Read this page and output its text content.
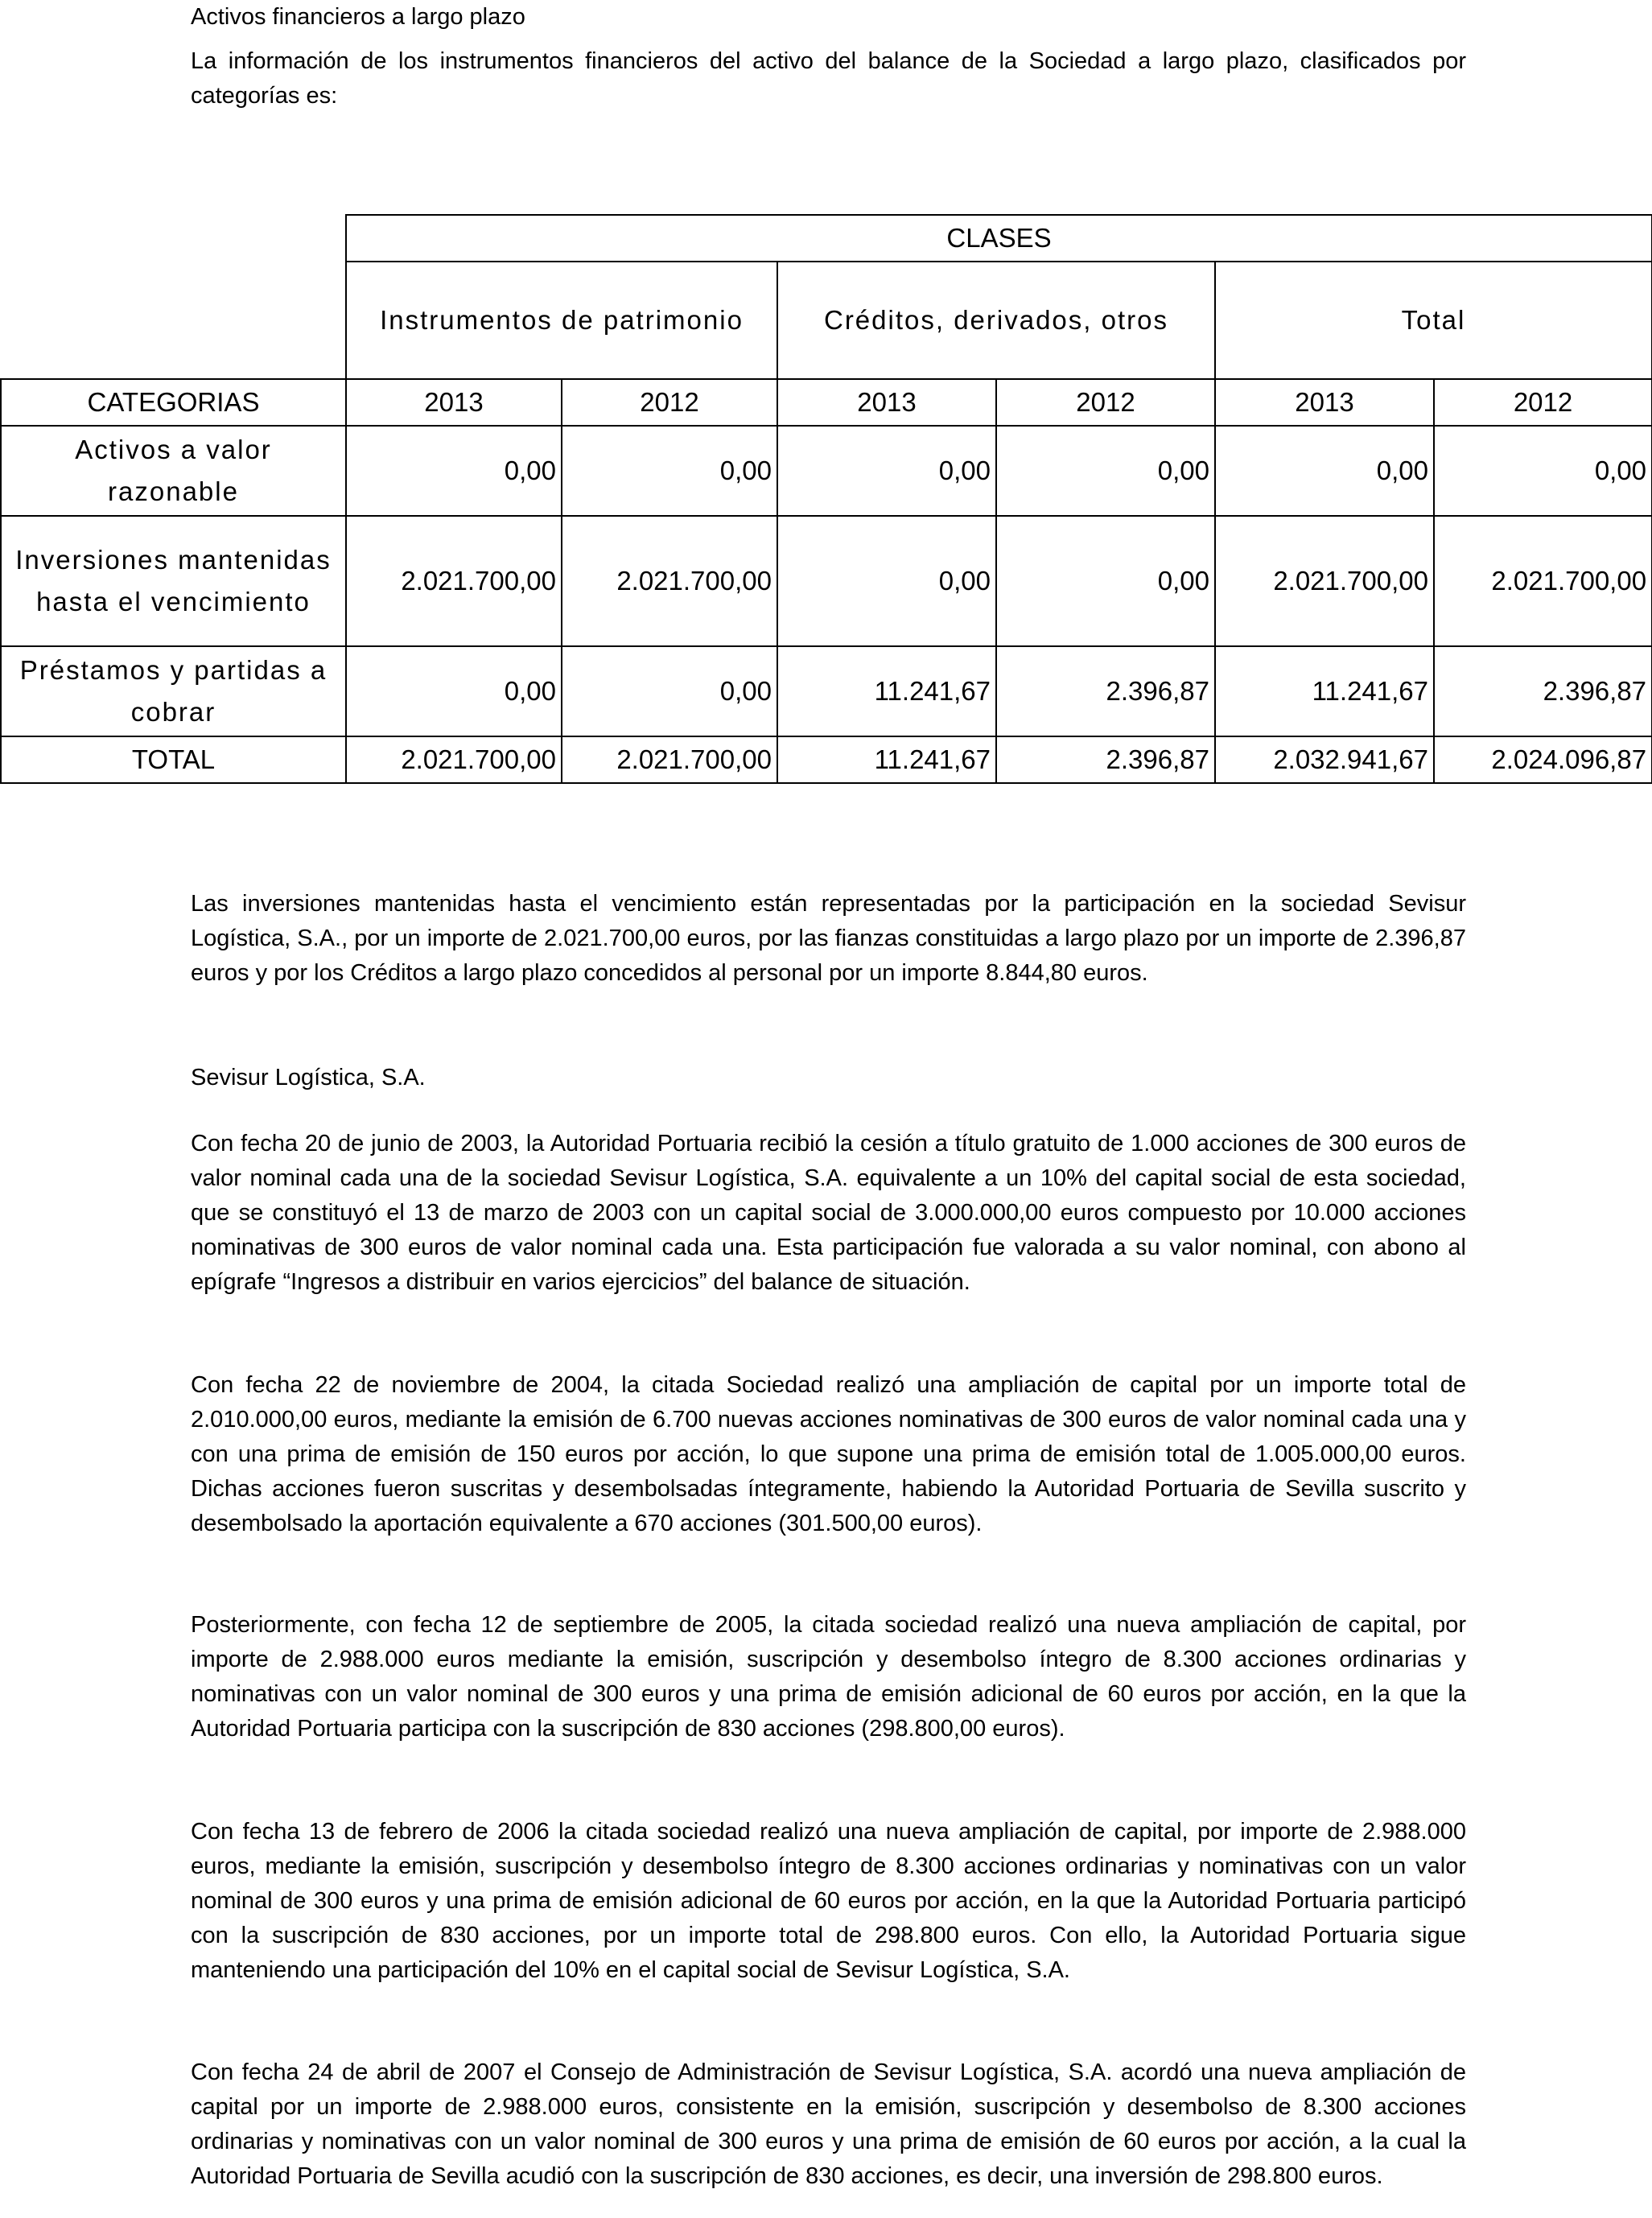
Activos financieros a largo plazo
La información de los instrumentos financieros del activo del balance de la Sociedad a largo plazo, clasificados por categorías es:
	CLASES					
	Instrumentos de patrimonio		Créditos, derivados, otros		Total	
CATEGORIAS	2013	2012	2013	2012	2013	2012
Activos a valor razonable	0,00	0,00	0,00	0,00	0,00	0,00
Inversiones mantenidas hasta el vencimiento	2.021.700,00	2.021.700,00	0,00	0,00	2.021.700,00	2.021.700,00
Préstamos y partidas a cobrar	0,00	0,00	11.241,67	2.396,87	11.241,67	2.396,87
TOTAL	2.021.700,00	2.021.700,00	11.241,67	2.396,87	2.032.941,67	2.024.096,87
Las inversiones mantenidas hasta el vencimiento están representadas por la participación en la sociedad Sevisur Logística, S.A., por un importe de 2.021.700,00 euros, por las fianzas constituidas a largo plazo por un importe de 2.396,87 euros y por los Créditos a largo plazo concedidos al personal por un importe 8.844,80 euros.
Sevisur Logística, S.A.
Con fecha 20 de junio de 2003, la Autoridad Portuaria recibió la cesión a título gratuito de 1.000 acciones de 300 euros de valor nominal cada una de la sociedad Sevisur Logística, S.A. equivalente a un 10% del capital social de esta sociedad, que se constituyó el 13 de marzo de 2003 con un capital social de 3.000.000,00 euros compuesto por 10.000 acciones nominativas de 300 euros de valor nominal cada una. Esta participación fue valorada a su valor nominal, con abono al epígrafe “Ingresos a distribuir en varios ejercicios” del balance de situación.
Con fecha 22 de noviembre de 2004, la citada Sociedad realizó una ampliación de capital por un importe total de 2.010.000,00 euros, mediante la emisión de 6.700 nuevas acciones nominativas de 300 euros de valor nominal cada una y con una prima de emisión de 150 euros por acción, lo que supone una prima de emisión total de 1.005.000,00 euros. Dichas acciones fueron suscritas y desembolsadas íntegramente, habiendo la Autoridad Portuaria de Sevilla suscrito y desembolsado la aportación equivalente a 670 acciones (301.500,00 euros).
Posteriormente, con fecha 12 de septiembre de 2005, la citada sociedad realizó una nueva ampliación de capital, por importe de 2.988.000 euros mediante la emisión, suscripción y desembolso íntegro de 8.300 acciones ordinarias y nominativas con un valor nominal de 300 euros y una prima de emisión adicional de 60 euros por acción, en la que la Autoridad Portuaria participa con la suscripción de 830 acciones (298.800,00 euros).
Con fecha 13 de febrero de 2006 la citada sociedad realizó una nueva ampliación de capital, por importe de 2.988.000 euros, mediante la emisión, suscripción y desembolso íntegro de 8.300 acciones ordinarias y nominativas con un valor nominal de 300 euros y una prima de emisión adicional de 60 euros por acción, en la que la Autoridad Portuaria participó con la suscripción de 830 acciones, por un importe total de 298.800 euros. Con ello, la Autoridad Portuaria sigue manteniendo una participación del 10% en el capital social de Sevisur Logística, S.A.
Con fecha 24 de abril de 2007 el Consejo de Administración de Sevisur Logística, S.A. acordó una nueva ampliación de capital por un importe de 2.988.000 euros, consistente en la emisión, suscripción y desembolso de 8.300 acciones ordinarias y nominativas con un valor nominal de 300 euros y una prima de emisión de 60 euros por acción, a la cual la Autoridad Portuaria de Sevilla acudió con la suscripción de 830 acciones, es decir, una inversión de 298.800 euros.
